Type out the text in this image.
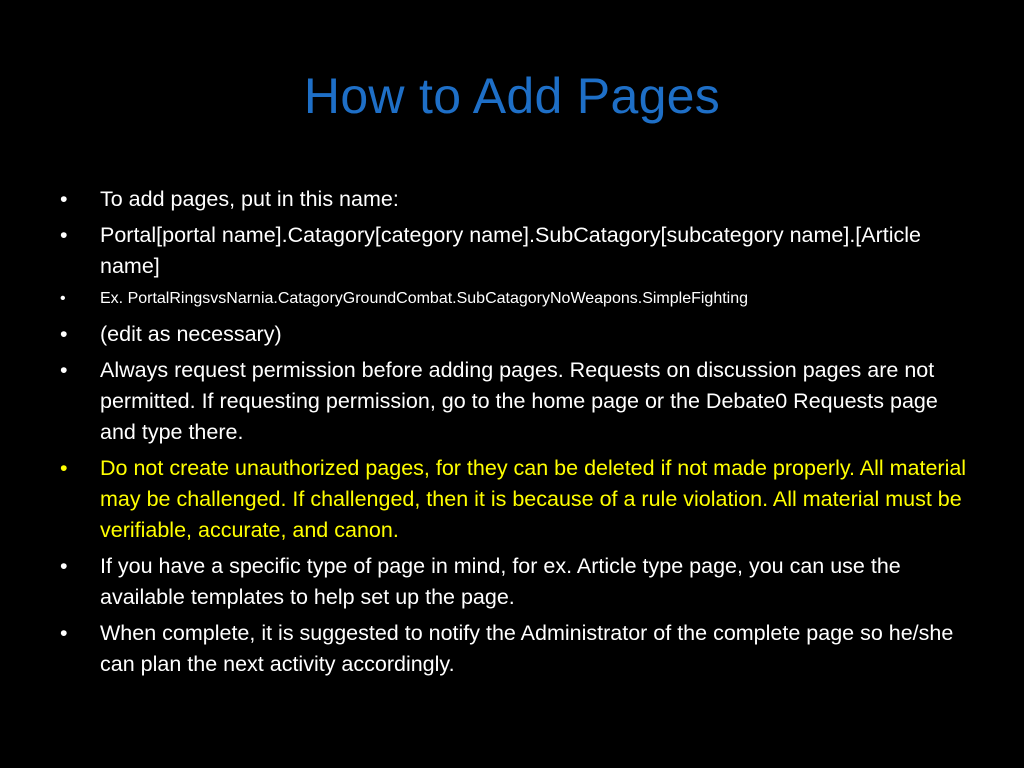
How to Add Pages
• To add pages, put in this name:
• Portal[portal name].Catagory[category name].SubCatagory[subcategory name].[Article name]
• Ex. PortalRingsvsNarnia.CatagoryGroundCombat.SubCatagoryNoWeapons.SimpleFighting
• (edit as necessary)
• Always request permission before adding pages. Requests on discussion pages are not permitted. If requesting permission, go to the home page or the Debate0 Requests page and type there.
• Do not create unauthorized pages, for they can be deleted if not made properly. All material may be challenged. If challenged, then it is because of a rule violation. All material must be verifiable, accurate, and canon.
• If you have a specific type of page in mind, for ex. Article type page, you can use the available templates to help set up the page.
• When complete, it is suggested to notify the Administrator of the complete page so he/she can plan the next activity accordingly.
